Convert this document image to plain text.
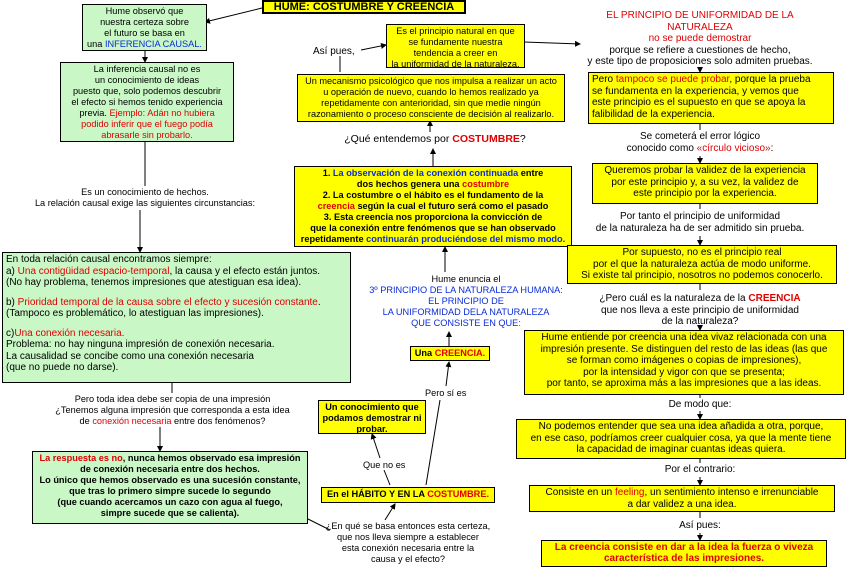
HUME: COSTUMBRE Y CREENCIA
Hume observó que
nuestra certeza sobre
el futuro se basa en
una INFERENCIA CAUSAL.
La inferencia causal no es
un conocimiento de ideas
puesto que, solo podemos descubrir
el efecto si hemos tenido experiencia
previa. Ejemplo: Adán no hubiera
podido inferir que el fuego podía
abrasarle sin probarlo.
Es un conocimiento de hechos.
La relación causal exige las siguientes circunstancias:
En toda relación causal encontramos siempre:
a) Una contigüidad espacio-temporal, la causa y el efecto están juntos.
(No hay problema, tenemos impresiones que atestiguan esa idea).
b) Prioridad temporal de la causa sobre el efecto y sucesión constante.
(Tampoco es problemático, lo atestiguan las impresiones).
c)Una conexión necesaria.
Problema: no hay ninguna impresión de conexión necesaria.
La causalidad se concibe como una conexión necesaria
(que no puede no darse).
Pero toda idea debe ser copia de una impresión
¿Tenemos alguna impresión que corresponda a esta idea
de conexión necesaria entre dos fenómenos?
La respuesta es no, nunca hemos observado esa impresión
de conexión necesaria entre dos hechos.
Lo único que hemos observado es una sucesión constante,
que tras lo primero simpre sucede lo segundo
(que cuando acercamos un cazo con agua al fuego,
simpre sucede que se calienta).
Así pues,
Es el principio natural en que
se fundamente nuestra
tendencia a creer en
la uniformidad de la naturaleza.
Un mecanismo psicológico que nos impulsa a realizar un acto
u operación de nuevo, cuando lo hemos realizado ya
repetidamente con anterioridad, sin que medie ningún
razonamiento o proceso consciente de decisión al realizarlo.
¿Qué entendemos por COSTUMBRE?
1. La observación de la conexión continuada entre
dos hechos genera una costumbre
2. La costumbre o el hábito es el fundamento de la
creencia según la cual el futuro será como el pasado
3. Esta creencia nos proporciona la convicción de
que la conexión entre fenómenos que se han observado
repetidamente continuarán produciéndose del mismo modo.
Hume enuncia el
3º PRINCIPIO DE LA NATURALEZA HUMANA:
EL PRINCIPIO DE
LA UNIFORMIDAD DELA NATURALEZA
QUE CONSISTE EN QUE:
Una CREENCIA.
Pero sí es
Un conocimiento que
podamos demostrar ni
probar.
Que no es
En el HÁBITO Y EN LA COSTUMBRE.
¿En qué se basa entonces esta certeza,
que nos lleva siempre a establecer
esta conexión necesaria entre la
causa y el efecto?
EL PRINCIPIO DE UNIFORMIDAD DE LA
NATURALEZA
no se puede demostrar
porque se refiere a cuestiones de hecho,
y este tipo de proposiciones solo admiten pruebas.
Pero tampoco se puede probar, porque la prueba
se fundamenta en la experiencia, y vemos que
este principio es el supuesto en que se apoya la
falibilidad de la experiencia.
Se cometerá el error lógico
conocido como «círculo vicioso»:
Queremos probar la validez de la experiencia
por este principio y, a su vez, la validez de
este principio por la experiencia.
Por tanto el principio de uniformidad
de la naturaleza ha de ser admitido sin prueba.
Por supuesto, no es el principio real
por el que la naturaleza actúa de modo uniforme.
Si existe tal principio, nosotros no podemos conocerlo.
¿Pero cuál es la naturaleza de la CREENCIA
que nos lleva a este principio de uniformidad
de la naturaleza?
Hume entiende por creencia una idea vivaz relacionada con una
impresión presente. Se distinguen del resto de las ideas (las que
se forman como imágenes o copias de impresiones),
por la intensidad y vigor con que se presenta;
por tanto, se aproxima más a las impresiones que a las ideas.
De modo que:
No podemos entender que sea una idea añadida a otra, porque,
en ese caso, podríamos creer cualquier cosa, ya que la mente tiene
la capacidad de imaginar cuantas ideas quiera.
Por el contrario:
Consiste en un feeling, un sentimiento intenso e irrenunciable
a dar validez a una idea.
Así pues:
La creencia consiste en dar a la idea la fuerza o viveza
característica de las impresiones.
